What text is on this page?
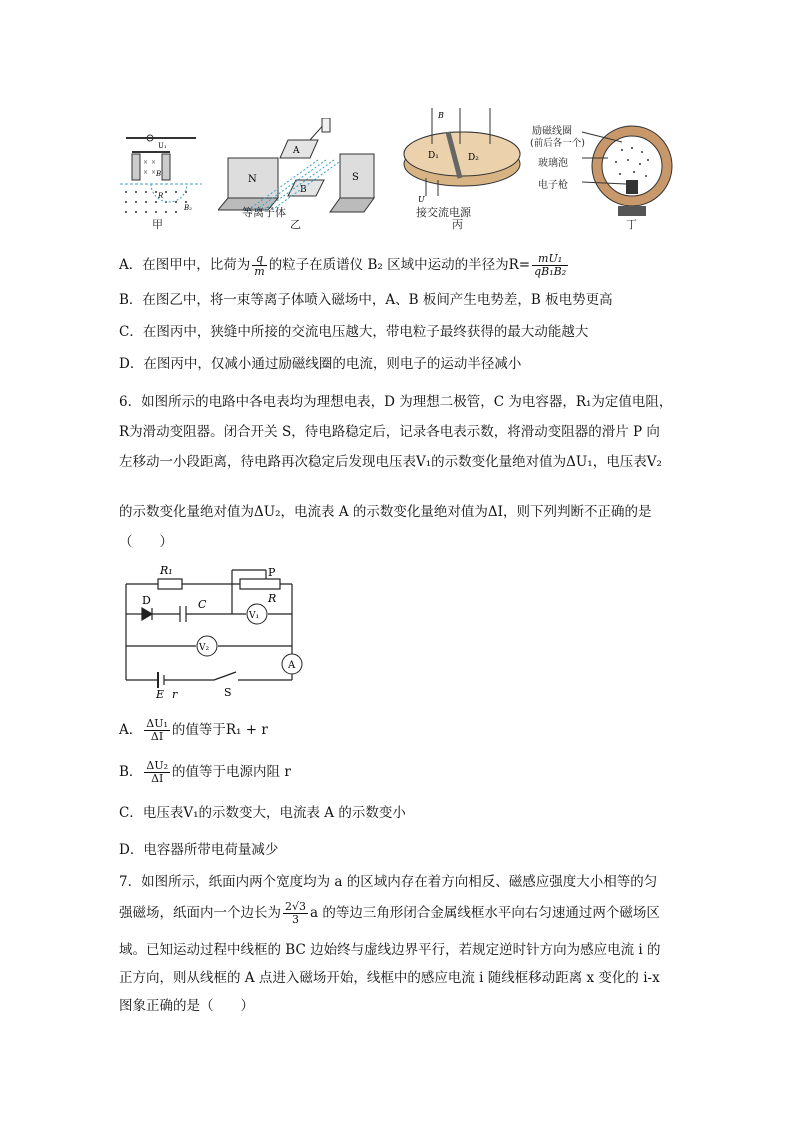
× ×
× ×
U₁
B
R
B₂
甲
N
A
B
S
等离子体
乙
B
D₁	D₂
U
接交流电源
丙
励磁线圈
(前后各一个)
玻璃泡
电子枪
丁
A．在图甲中，比荷为 $\frac{q}{m}$ 的粒子在质谱仪 B₂ 区域中运动的半径为$R= \frac{\text{mU₁}}{\text{qB₁B₂}}$
B．在图乙中，将一束等离子体喷入磁场中，A、B 板间产生电势差，B 板电势更高
C．在图丙中，狭缝中所接的交流电压越大，带电粒子最终获得的最大动能越大
D．在图丙中，仅减小通过励磁线圈的电流，则电子的运动半径减小
6．如图所示的电路中各电表均为理想电表，D 为理想二极管，C 为电容器，R₁为定值电阻，
R为滑动变阻器。闭合开关 S，待电路稳定后，记录各电表示数，将滑动变阻器的滑片 P 向
左移动一小段距离，待电路再次稳定后发现电压表V₁的示数变化量绝对值为ΔU₁，电压表V₂
的示数变化量绝对值为ΔU₂，电流表 A 的示数变化量绝对值为ΔI，则下列判断不正确的是
（　　）
R₁	P
R
D	C
V₁
V₂
A
E r	S
A． $\frac{\text{ΔU₁}}{\Delta I}$ 的值等于R₁ + r
B． $\frac{\text{ΔU₂}}{\Delta I}$ 的值等于电源内阻 r
C．电压表V₁的示数变大，电流表 A 的示数变小
D．电容器所带电荷量减少
7．如图所示，纸面内两个宽度均为 a 的区域内存在着方向相反、磁感应强度大小相等的匀
强磁场，纸面内一个边长为 $\frac{2√3}{3}$ a 的等边三角形闭合金属线框水平向右匀速通过两个磁场区
域。已知运动过程中线框的 BC 边始终与虚线边界平行，若规定逆时针方向为感应电流 i 的
正方向，则从线框的 A 点进入磁场开始，线框中的感应电流 i 随线框移动距离 x 变化的 i-x
图象正确的是（　　）
